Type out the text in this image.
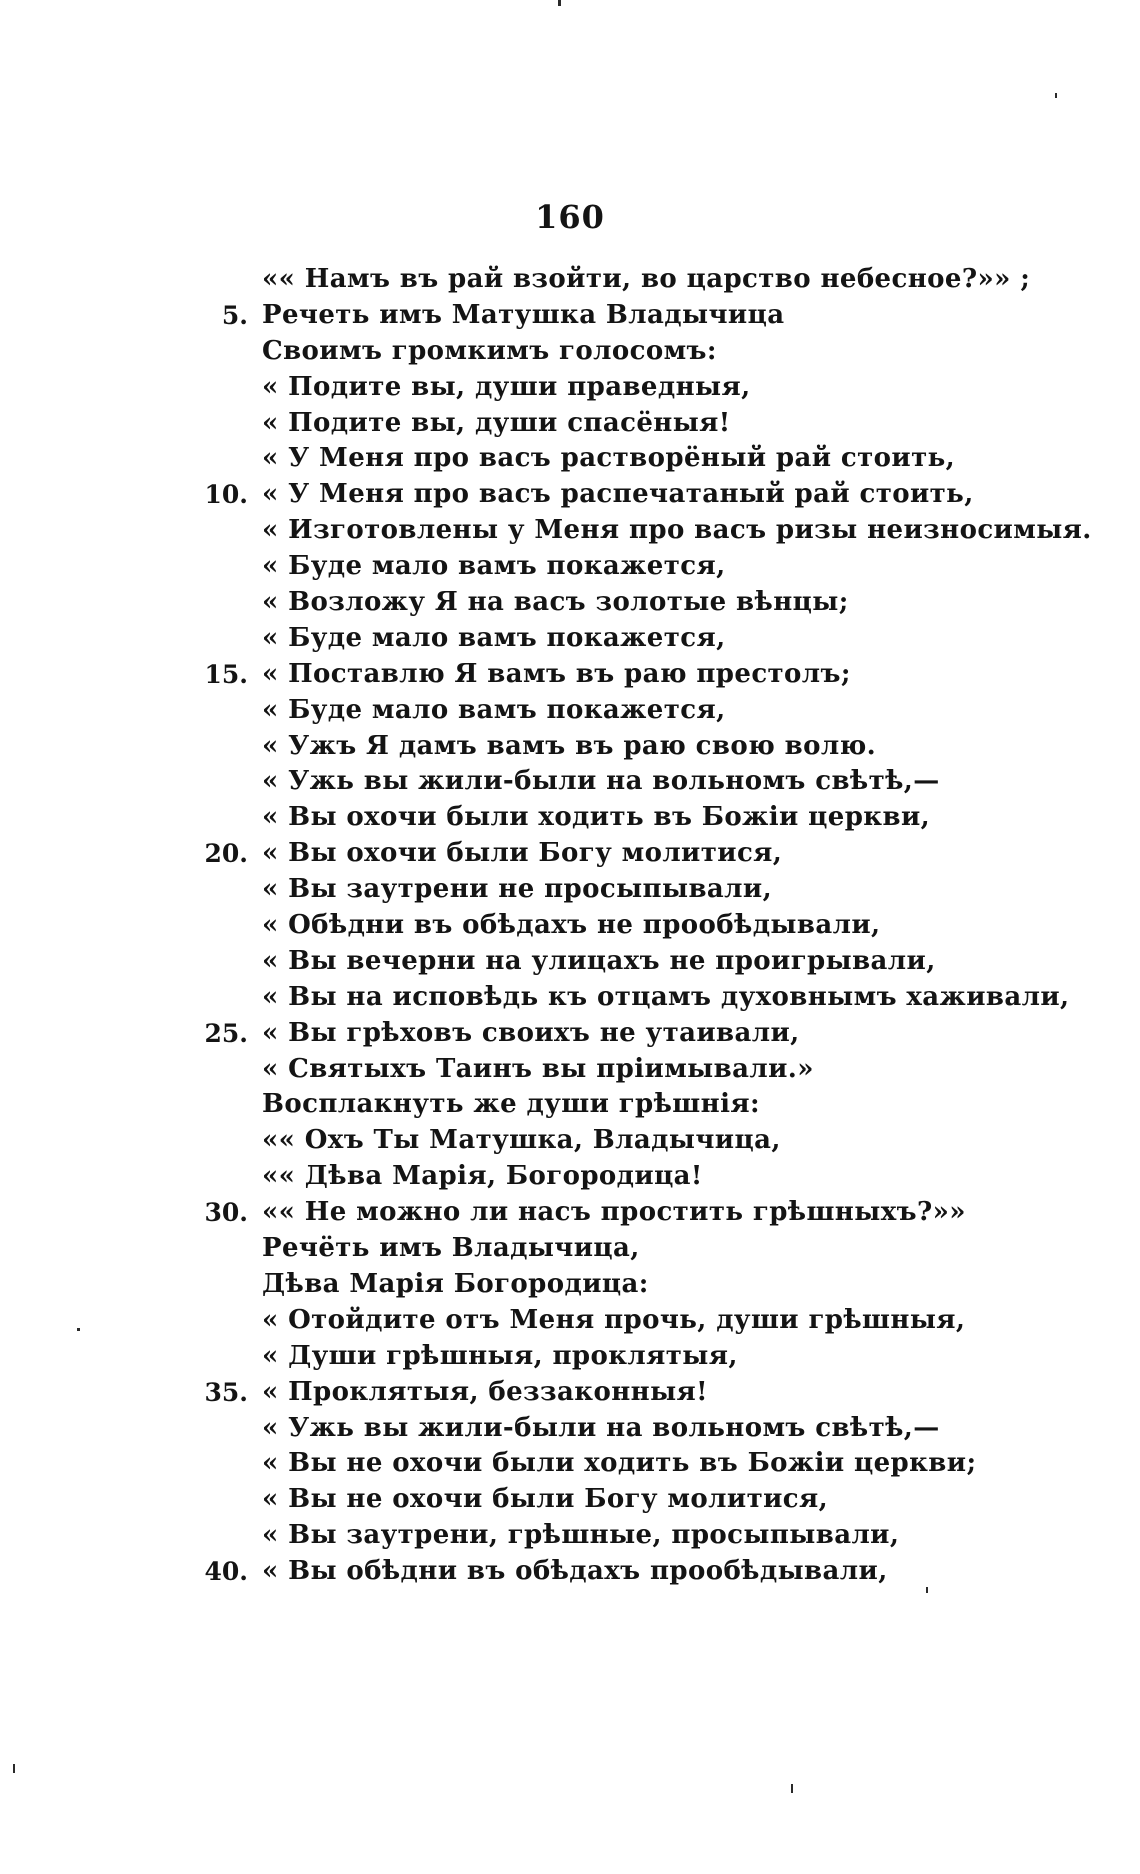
160
«« Намъ въ рай взойти, во царство небесное?»» ;
5. Речеть имъ Матушка Владычица
Своимъ громкимъ голосомъ:
« Подите вы, души праведныя,
« Подите вы, души спасёныя!
« У Меня про васъ растворёный рай стоить,
10. « У Меня про васъ распечатаный рай стоить,
« Изготовлены у Меня про васъ ризы неизносимыя.
« Буде мало вамъ покажется,
« Возложу Я на васъ золотые вѣнцы;
« Буде мало вамъ покажется,
15. « Поставлю Я вамъ въ раю престолъ;
« Буде мало вамъ покажется,
« Ужъ Я дамъ вамъ въ раю свою волю.
« Ужь вы жили-были на вольномъ свѣтѣ,—
« Вы охочи были ходить въ Божiи церкви,
20. « Вы охочи были Богу молитися,
« Вы заутрени не просыпывали,
« Обѣдни въ обѣдахъ не прообѣдывали,
« Вы вечерни на улицахъ не проигрывали,
« Вы на исповѣдь къ отцамъ духовнымъ хаживали,
25. « Вы грѣховъ своихъ не утаивали,
« Святыхъ Таинъ вы прiимывали.»
Восплакнуть же души грѣшнiя:
«« Охъ Ты Матушка, Владычица,
«« Дѣва Марiя, Богородица!
30. «« Не можно ли насъ простить грѣшныхъ?»»
Речёть имъ Владычица,
Дѣва Марiя Богородица:
« Отойдите отъ Меня прочь, души грѣшныя,
« Души грѣшныя, проклятыя,
35. « Проклятыя, беззаконныя!
« Ужь вы жили-были на вольномъ свѣтѣ,—
« Вы не охочи были ходить въ Божiи церкви;
« Вы не охочи были Богу молитися,
« Вы заутрени, грѣшные, просыпывали,
40. « Вы обѣдни въ обѣдахъ прообѣдывали,
